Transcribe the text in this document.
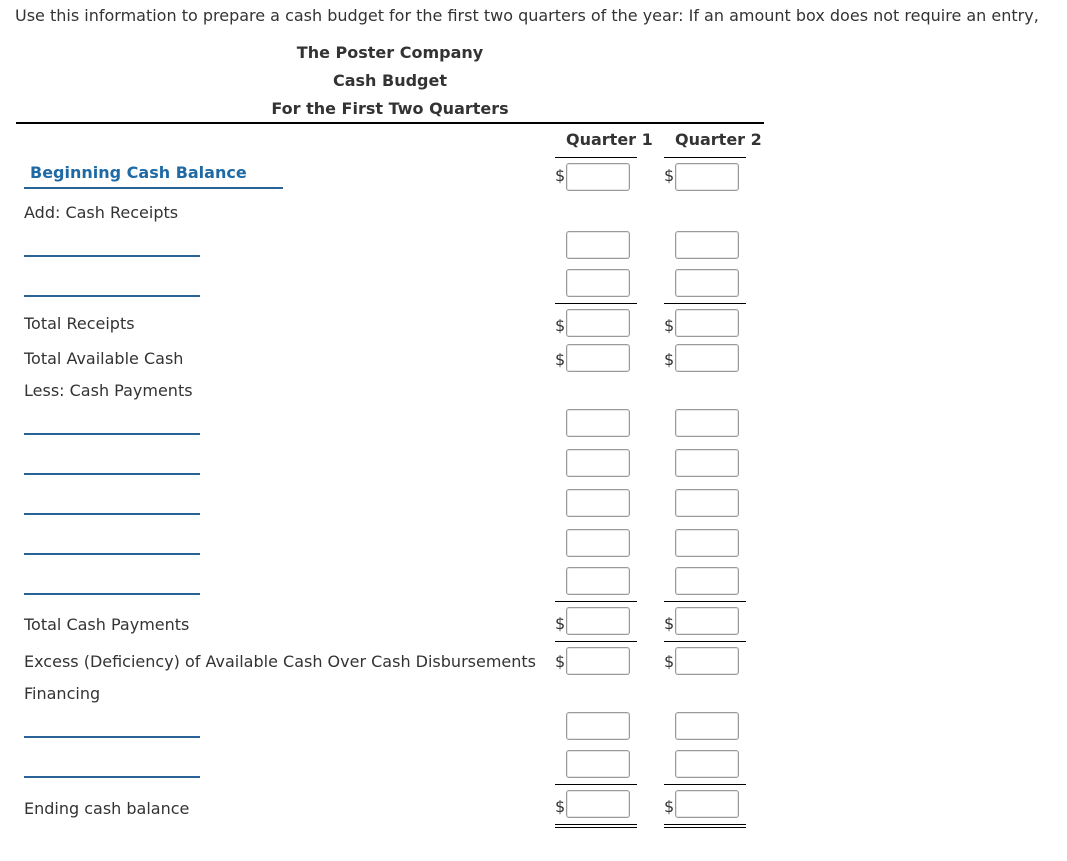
Use this information to prepare a cash budget for the first two quarters of the year: If an amount box does not require an entry,
The Poster Company
Cash Budget
For the First Two Quarters
Quarter 1 Quarter 2
Beginning Cash Balance	$	$
Add: Cash Receipts
Total Receipts	$	$
Total Available Cash	$	$
Less: Cash Payments
Total Cash Payments	$	$
Excess (Deficiency) of Available Cash Over Cash Disbursements $	$
Financing
Ending cash balance	$	$
